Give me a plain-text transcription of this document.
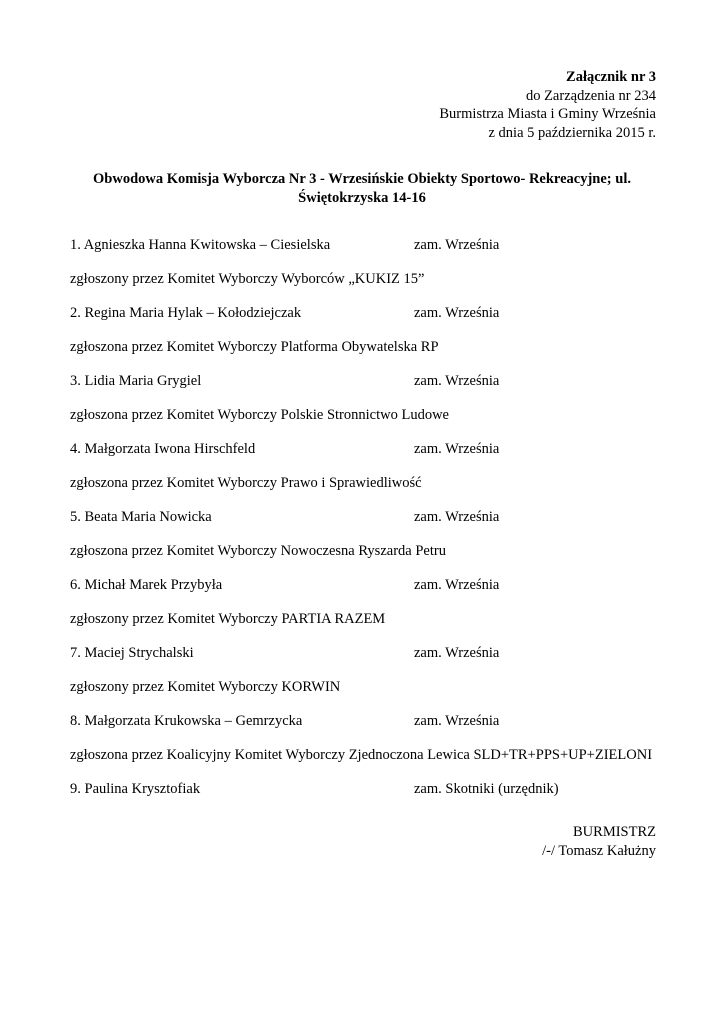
Załącznik nr 3
do Zarządzenia nr 234
Burmistrza Miasta i Gminy Września
z dnia 5 października 2015 r.
Obwodowa Komisja Wyborcza Nr 3 - Wrzesińskie Obiekty Sportowo- Rekreacyjne; ul.
Świętokrzyska 14-16
1. Agnieszka Hanna Kwitowska – Ciesielska	zam. Września
zgłoszony przez Komitet Wyborczy Wyborców „KUKIZ 15”
2. Regina Maria Hylak – Kołodziejczak	zam. Września
zgłoszona przez Komitet Wyborczy Platforma Obywatelska RP
3. Lidia Maria Grygiel	zam. Września
zgłoszona przez Komitet Wyborczy Polskie Stronnictwo Ludowe
4. Małgorzata Iwona Hirschfeld	zam. Września
zgłoszona przez Komitet Wyborczy Prawo i Sprawiedliwość
5. Beata Maria Nowicka	zam. Września
zgłoszona przez Komitet Wyborczy Nowoczesna Ryszarda Petru
6. Michał Marek Przybyła	zam. Września
zgłoszony przez Komitet Wyborczy PARTIA RAZEM
7. Maciej Strychalski	zam. Września
zgłoszony przez Komitet Wyborczy KORWIN
8. Małgorzata Krukowska – Gemrzycka	zam. Września
zgłoszona przez Koalicyjny Komitet Wyborczy Zjednoczona Lewica SLD+TR+PPS+UP+ZIELONI
9. Paulina Krysztofiak	zam. Skotniki (urzędnik)
BURMISTRZ
/-/ Tomasz Kałużny
